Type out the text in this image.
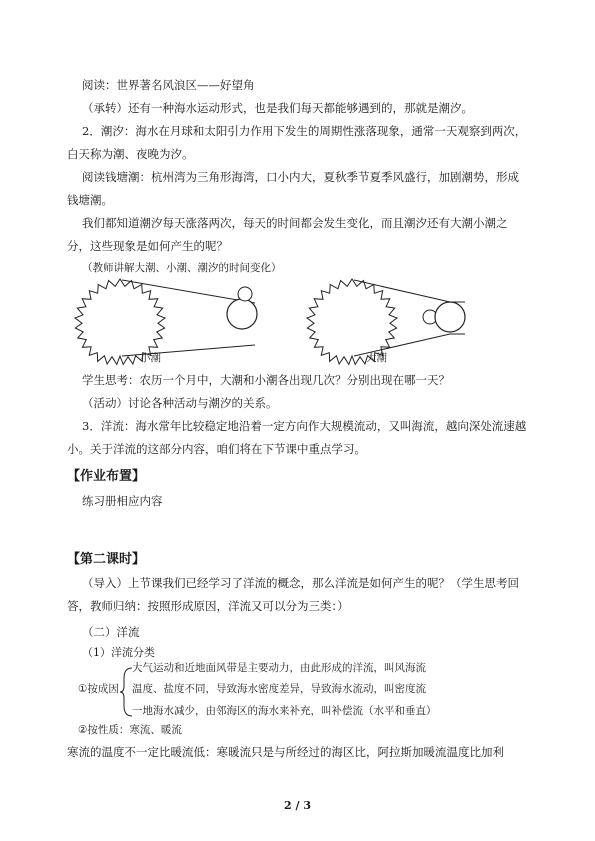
阅读：世界著名风浪区——好望角
（承转）还有一种海水运动形式，也是我们每天都能够遇到的，那就是潮汐。
2．潮汐：海水在月球和太阳引力作用下发生的周期性涨落现象，通常一天观察到两次，
白天称为潮、夜晚为汐。
阅读钱塘潮：杭州湾为三角形海湾，口小内大，夏秋季节夏季风盛行，加剧潮势，形成
钱塘潮。
我们都知道潮汐每天涨落两次，每天的时间都会发生变化，而且潮汐还有大潮小潮之
分，这些现象是如何产生的呢？
（教师讲解大潮、小潮、潮汐的时间变化）
小潮	大潮
学生思考：农历一个月中，大潮和小潮各出现几次？分别出现在哪一天？
（活动）讨论各种活动与潮汐的关系。
3．洋流：海水常年比较稳定地沿着一定方向作大规模流动，又叫海流，越向深处流速越
小。关于洋流的这部分内容，咱们将在下节课中重点学习。
【作业布置】
练习册相应内容
【第二课时】
（导入）上节课我们已经学习了洋流的概念，那么洋流是如何产生的呢？（学生思考回
答，教师归纳：按照形成原因，洋流又可以分为三类：）
（二）洋流
（1）洋流分类
大气运动和近地面风带是主要动力，由此形成的洋流，叫风海流
①按成因 温度、盐度不同，导致海水密度差异，导致海水流动，叫密度流
一地海水减少，由邻海区的海水来补充，叫补偿流（水平和垂直）
②按性质：寒流、暖流
寒流的温度不一定比暖流低：寒暖流只是与所经过的海区比，阿拉斯加暖流温度比加利
2 / 3
